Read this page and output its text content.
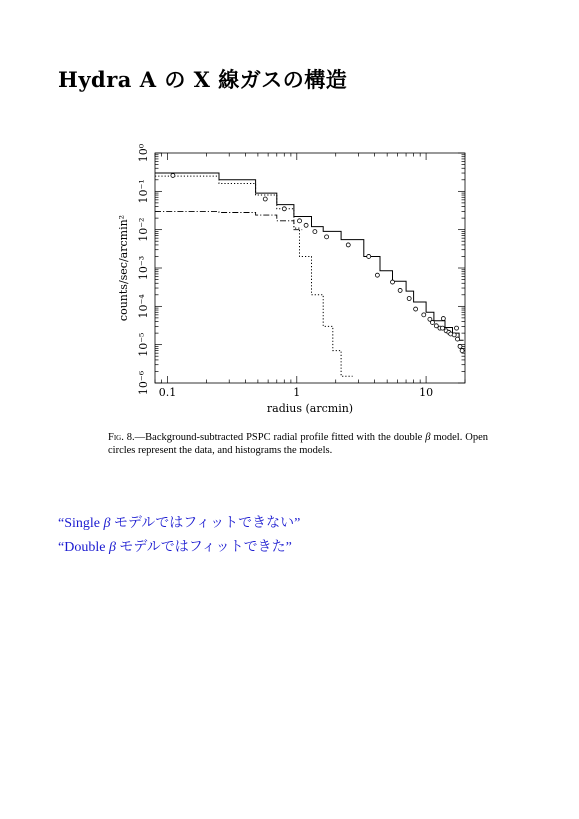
Hydra A の X 線ガスの構造
0.1	1	10
10⁰
10⁻¹
10⁻²
10⁻³
10⁻⁴
10⁻⁵
10⁻⁶
radius (arcmin)
counts/sec/arcmin²
Fig. 8.—Background-subtracted PSPC radial profile fitted with the double β model. Open circles represent the data, and histograms the models.
“Single β モデルではフィットできない”
“Double β モデルではフィットできた”
